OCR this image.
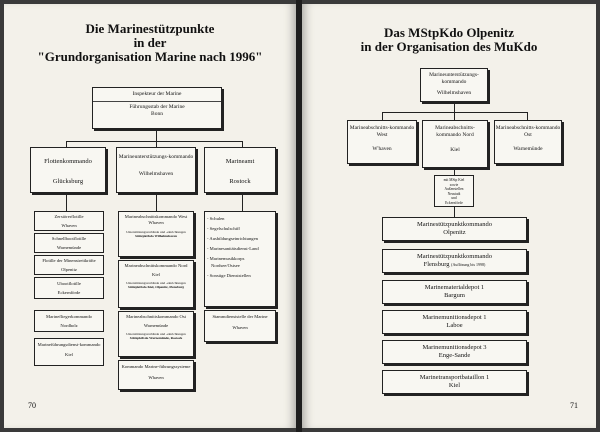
Die Marinestützpunkte
in der
"Grundorganisation Marine nach 1996"
Inspekteur der Marine
Führungsstab der Marine
Bonn
Flottenkommando
Glücksburg
Marineunterstützungs-kommando
Wilhelmshaven
Marineamt
Rostock
Zerstörerflotille
Whaven
Schnellbootflotille
Warnemünde
Flotille der Minenstreitkräfte
Olpenitz
Ubootflotille
Eckernförde
Marinefliegerkommando
Nordholz
Marineführungsdienst-kommando
Kiel
Marineabschnittskommando West
Whaven
Unterstützungsverbände und -einrichtungen
StützpktKdo Wilhelmshaven
Marineabschnittskommando Nord
Kiel
Unterstützungsverbände und -einrichtungen
StützpktKdo Kiel, Olpenitz, Flensburg
Marineabschnittskommando Ost
Warnemünde
Unterstützungsverbände und -einrichtungen
StützpktKdo Warnemünde, Rostock
Kommando Marine-führungssysteme
Whaven
- Schulen
- Segelschulschiff
- Ausbildungseinrichtungen
- Marinesanitätsdienst-Land
- Marinemusikkorps
Nordsee/Ostsee
- Sonstige Dienststellen
Stammdienststelle der Marine
Whaven
70
Das MStpKdo Olpenitz
in der Organisation des MuKdo
Marineunterstützungs-kommando
Wilhelmshaven
Marineabschnitts-kommando West
W'haven
Marineabschnitts-kommando Nord
Kiel
Marineabschnitts-kommando Ost
Warnemünde
mit MStp Kiel
sowie
Außenstellen
Neustadt
und
Eckernförde
Marinestützpunktkommando
Olpenitz
Marinestützpunktkommando
Flensburg (Auflösung bis 1998)
Marinematerialdepot 1
Bargum
Marinemunitionsdepot 1
Laboe
Marinemunitionsdepot 3
Enge-Sande
Marinetransportbataillon 1
Kiel
71
